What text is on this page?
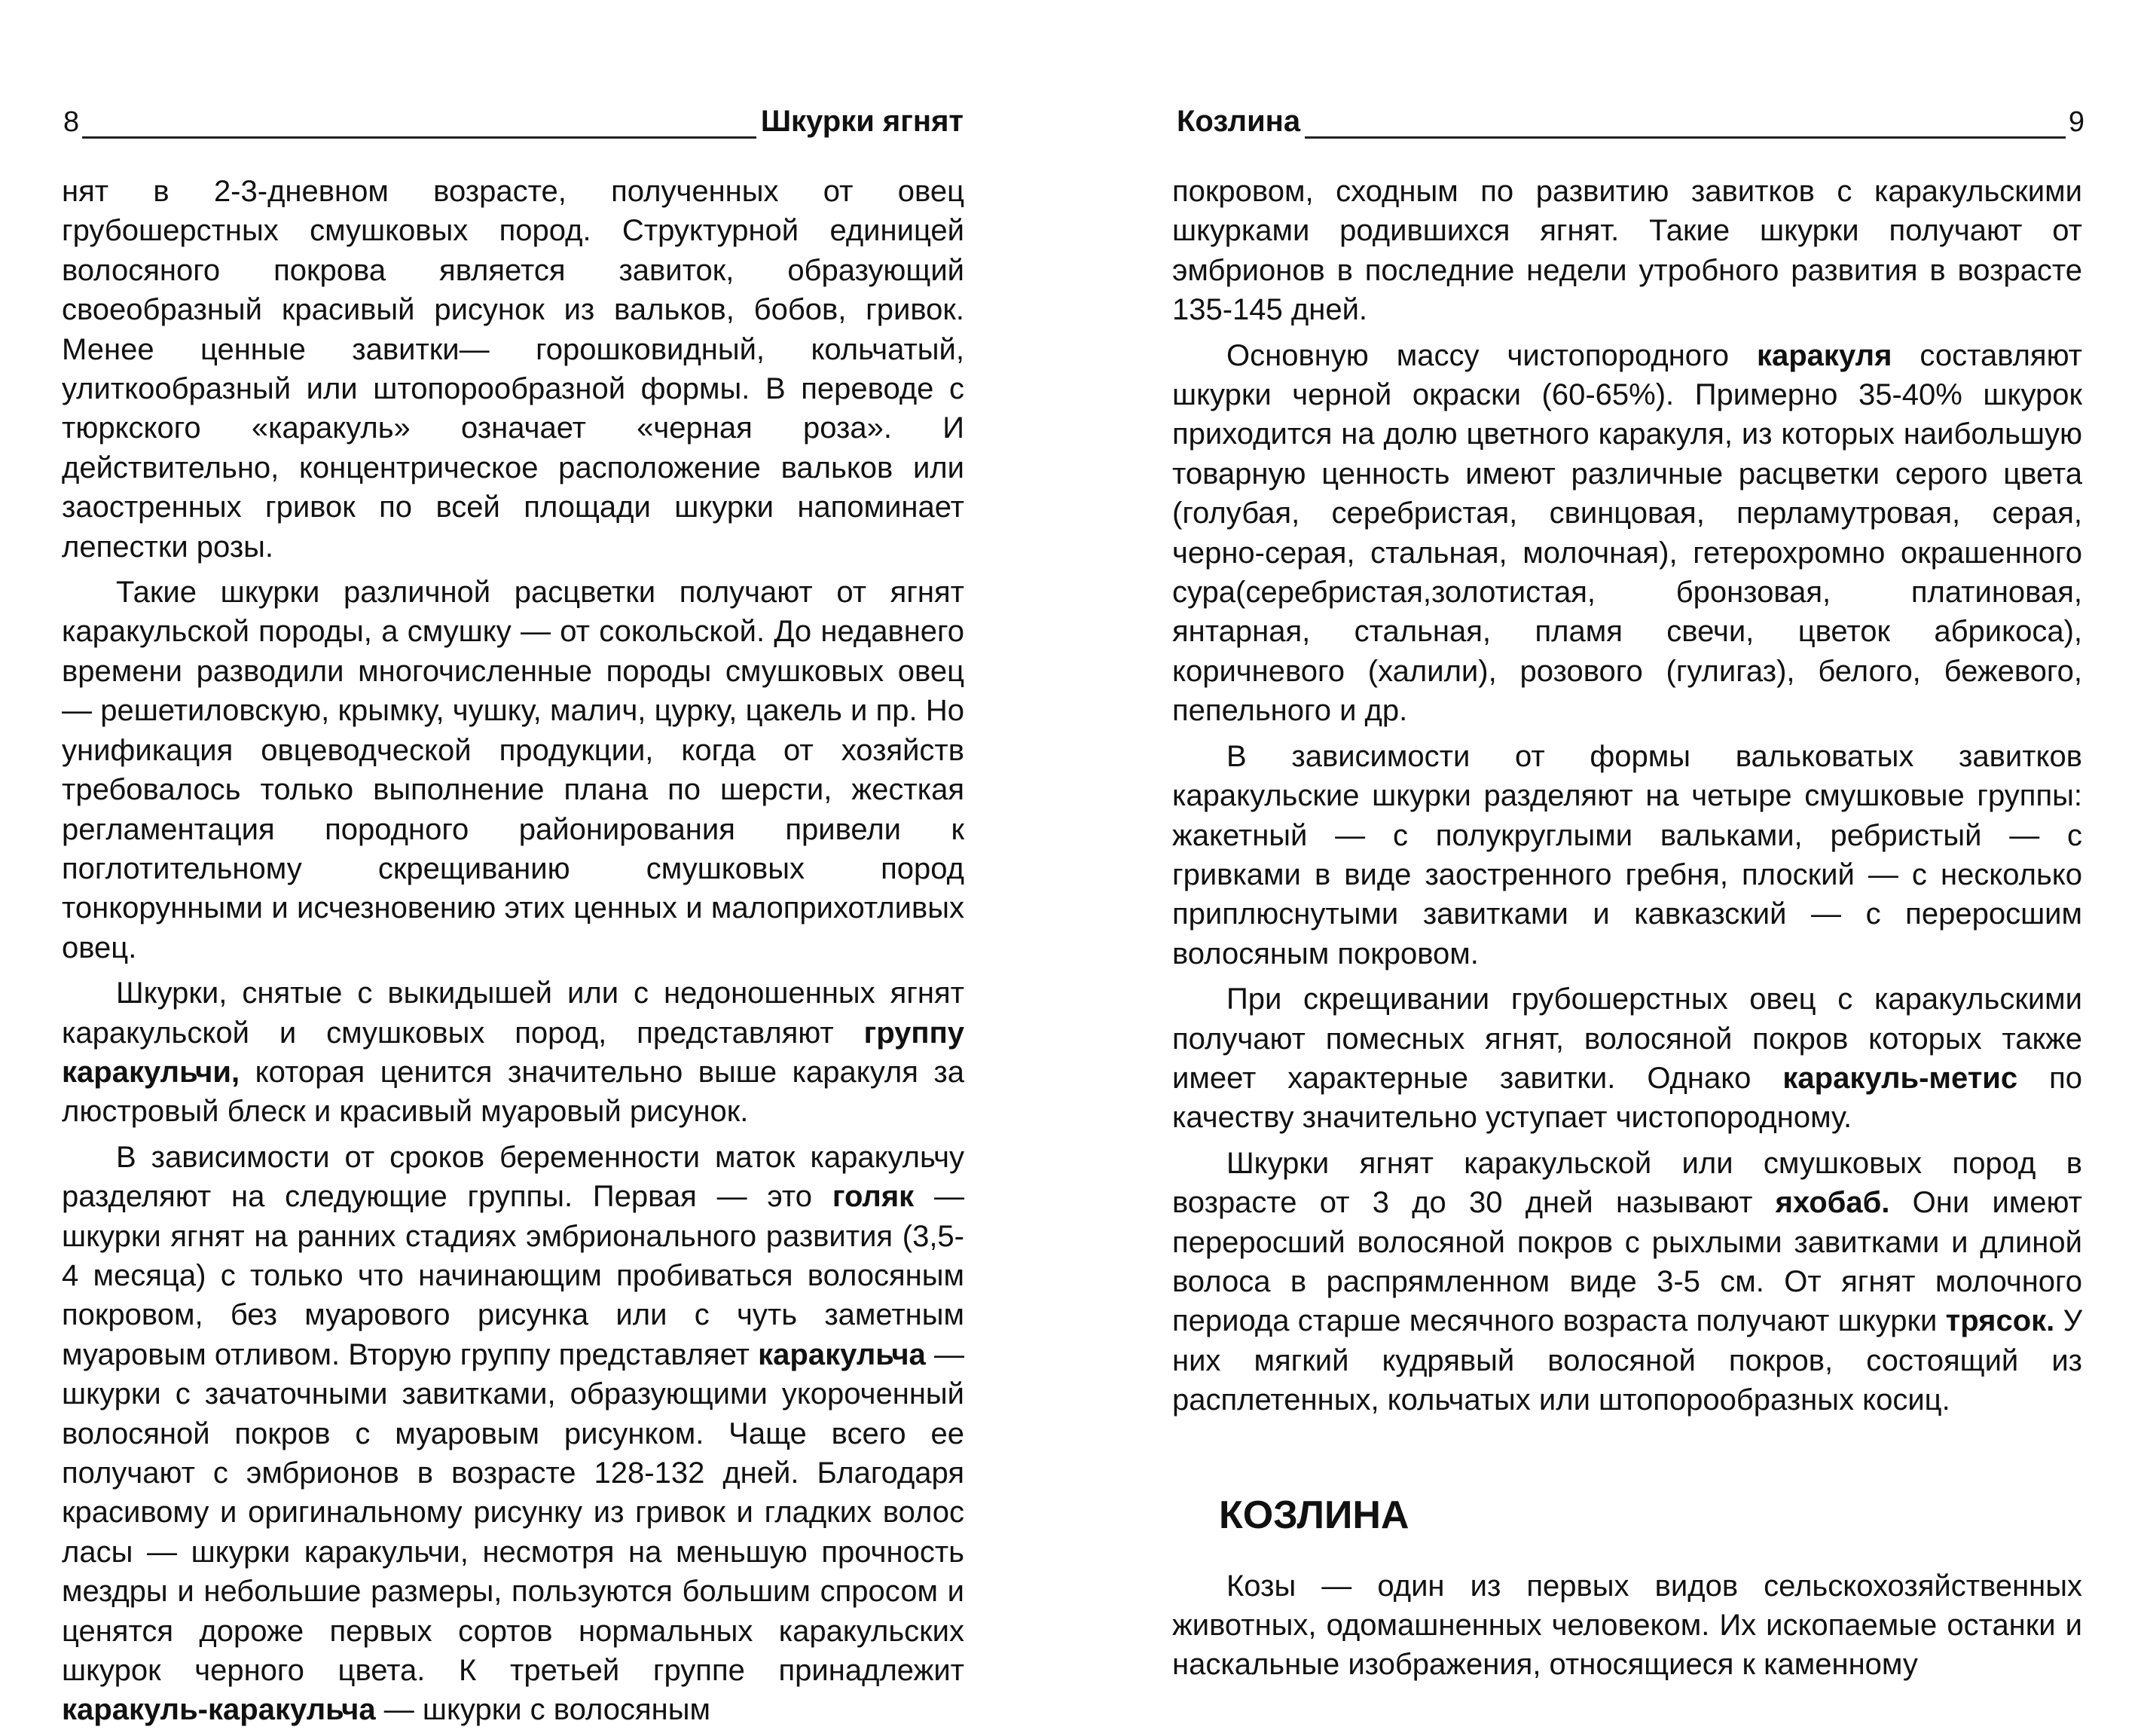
8	Шкурки ягнят

нят в 2-3-дневном возрасте, полученных от овец грубошерстных смушковых пород. Структурной единицей волосяного покрова является завиток, образующий своеобразный красивый рисунок из вальков, бобов, гривок. Менее ценные завитки— горошковидный, кольчатый, улиткообразный или штопорообразной формы. В переводе с тюркского «каракуль» означает «черная роза». И действительно, концентрическое расположение вальков или заостренных гривок по всей площади шкурки напоминает лепестки розы.

Такие шкурки различной расцветки получают от ягнят каракульской породы, а смушку — от сокольской. До недавнего времени разводили многочисленные породы смушковых овец — решетиловскую, крымку, чушку, малич, цурку, цакель и пр. Но унификация овцеводческой продукции, когда от хозяйств требовалось только выполнение плана по шерсти, жесткая регламентация породного районирования привели к поглотительному скрещиванию смушковых пород тонкорунными и исчезновению этих ценных и малоприхотливых овец.

Шкурки, снятые с выкидышей или с недоношенных ягнят каракульской и смушковых пород, представляют группу каракульчи, которая ценится значительно выше каракуля за люстровый блеск и красивый муаровый рисунок.

В зависимости от сроков беременности маток каракульчу разделяют на следующие группы. Первая — это голяк — шкурки ягнят на ранних стадиях эмбрионального развития (3,5-4 месяца) с только что начинающим пробиваться волосяным покровом, без муарового рисунка или с чуть заметным муаровым отливом. Вторую группу представляет каракульча — шкурки с зачаточными завитками, образующими укороченный волосяной покров с муаровым рисунком. Чаще всего ее получают с эмбрионов в возрасте 128-132 дней. Благодаря красивому и оригинальному рисунку из гривок и гладких волос ласы — шкурки каракульчи, несмотря на меньшую прочность мездры и небольшие размеры, пользуются большим спросом и ценятся дороже первых сортов нормальных каракульских шкурок черного цвета. К третьей группе принадлежит каракуль-каракульча — шкурки с волосяным

Козлина	9

покровом, сходным по развитию завитков с каракульскими шкурками родившихся ягнят. Такие шкурки получают от эмбрионов в последние недели утробного развития в возрасте 135-145 дней.

Основную массу чистопородного каракуля составляют шкурки черной окраски (60-65%). Примерно 35-40% шкурок приходится на долю цветного каракуля, из которых наибольшую товарную ценность имеют различные расцветки серого цвета (голубая, серебристая, свинцовая, перламутровая, серая, черно-серая, стальная, молочная), гетерохромно окрашенного сура(серебристая,золотистая, бронзовая, платиновая, янтарная, стальная, пламя свечи, цветок абрикоса), коричневого (халили), розового (гулигаз), белого, бежевого, пепельного и др.

В зависимости от формы вальковатых завитков каракульские шкурки разделяют на четыре смушковые группы: жакетный — с полукруглыми вальками, ребристый — с гривками в виде заостренного гребня, плоский — с несколько приплюснутыми завитками и кавказский — с переросшим волосяным покровом.

При скрещивании грубошерстных овец с каракульскими получают помесных ягнят, волосяной покров которых также имеет характерные завитки. Однако каракуль-метис по качеству значительно уступает чистопородному.

Шкурки ягнят каракульской или смушковых пород в возрасте от 3 до 30 дней называют яхобаб. Они имеют переросший волосяной покров с рыхлыми завитками и длиной волоса в распрямленном виде 3-5 см. От ягнят молочного периода старше месячного возраста получают шкурки трясок. У них мягкий кудрявый волосяной покров, состоящий из расплетенных, кольчатых или штопорообразных косиц.

КОЗЛИНА

Козы — один из первых видов сельскохозяйственных животных, одомашненных человеком. Их ископаемые останки и наскальные изображения, относящиеся к каменному
